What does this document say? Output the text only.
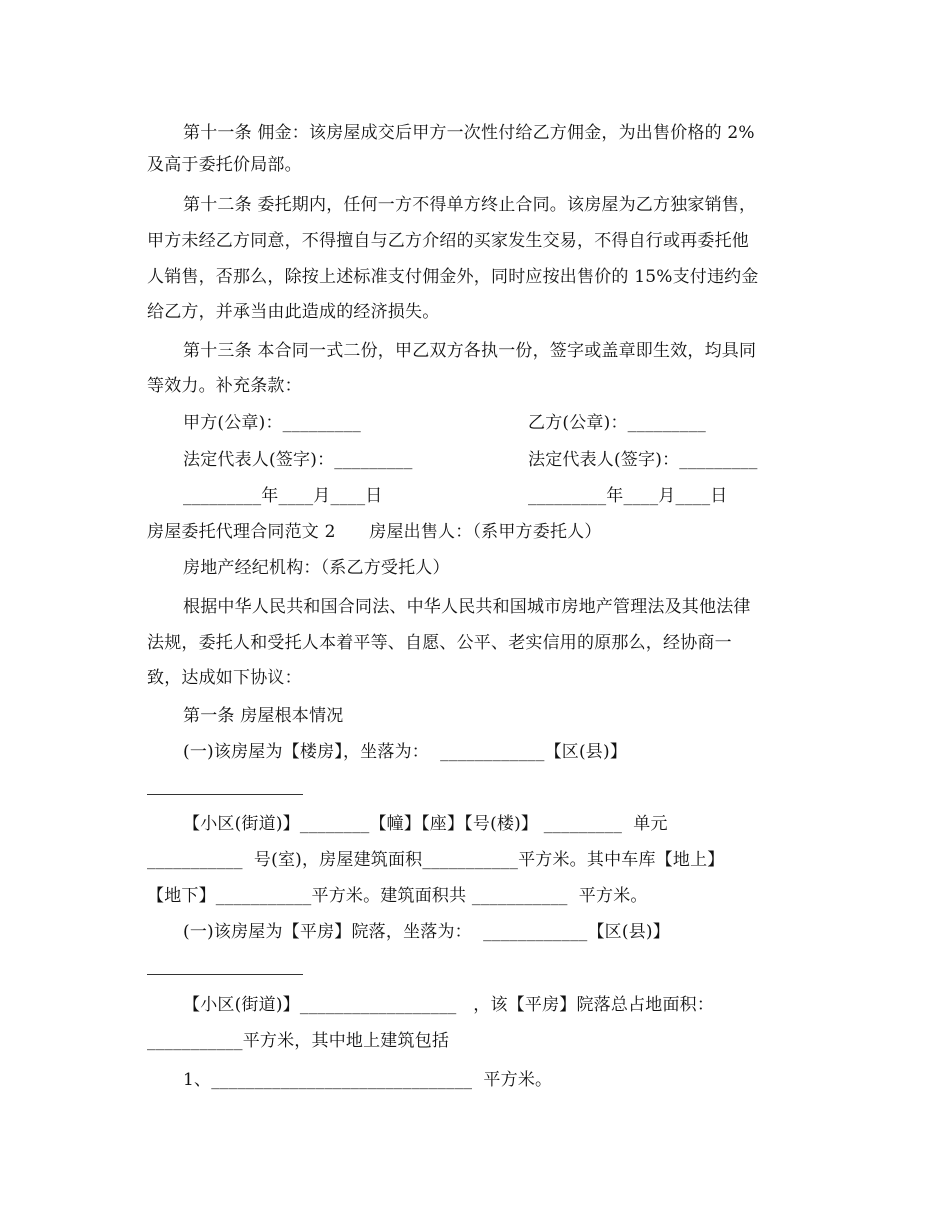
第十一条 佣金：该房屋成交后甲方一次性付给乙方佣金，为出售价格的 2%
及高于委托价局部。
第十二条 委托期内，任何一方不得单方终止合同。该房屋为乙方独家销售，
甲方未经乙方同意，不得擅自与乙方介绍的买家发生交易，不得自行或再委托他
人销售，否那么，除按上述标准支付佣金外，同时应按出售价的 15%支付违约金
给乙方，并承当由此造成的经济损失。
第十三条 本合同一式二份，甲乙双方各执一份，签字或盖章即生效，均具同
等效力。补充条款：
甲方(公章)：_________	乙方(公章)：_________
法定代表人(签字)：_________	法定代表人(签字)：_________
_________年____月____日	_________年____月____日
房屋委托代理合同范文 2      房屋出售人：（系甲方委托人）
房地产经纪机构：（系乙方受托人）
根据中华人民共和国合同法、中华人民共和国城市房地产管理法及其他法律
法规，委托人和受托人本着平等、自愿、公平、老实信用的原那么，经协商一
致，达成如下协议：
第一条 房屋根本情况
(一)该房屋为【楼房】，坐落为：  ____________【区(县)】
【小区(街道)】________【幢】【座】【号(楼)】 _________  单元
___________  号(室)，房屋建筑面积___________平方米。其中车库【地上】
【地下】___________平方米。建筑面积共 ___________  平方米。
(一)该房屋为【平房】院落，坐落为：  ____________【区(县)】
【小区(街道)】__________________   ，该【平房】院落总占地面积：
___________平方米，其中地上建筑包括
1、______________________________  平方米。
